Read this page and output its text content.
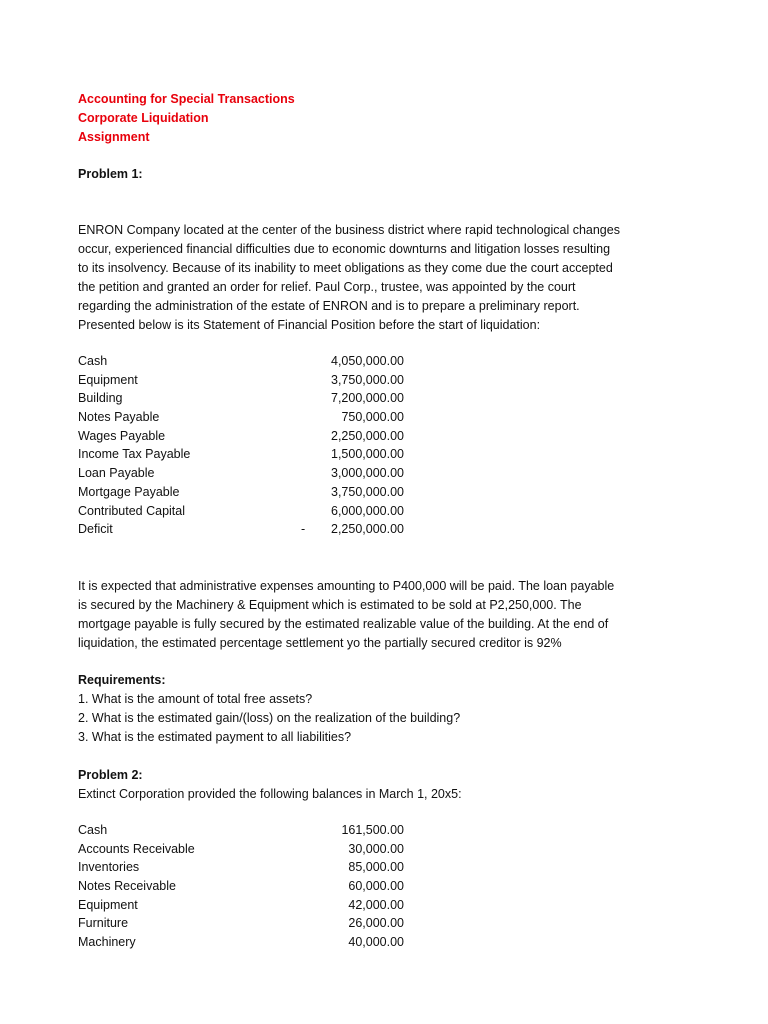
Accounting for Special Transactions
Corporate Liquidation
Assignment
Problem 1:
ENRON Company located at the center of the business district where rapid technological changes
occur, experienced financial difficulties due to economic downturns and litigation losses resulting
to its insolvency. Because of its inability to meet obligations as they come due the court accepted
the petition and granted an order for relief. Paul Corp., trustee, was appointed by the court
regarding the administration of the estate of ENRON and is to prepare a preliminary report.
Presented below is its Statement of Financial Position before the start of liquidation:
Cash	4,050,000.00
Equipment	3,750,000.00
Building	7,200,000.00
Notes Payable	750,000.00
Wages Payable	2,250,000.00
Income Tax Payable	1,500,000.00
Loan Payable	3,000,000.00
Mortgage Payable	3,750,000.00
Contributed Capital	6,000,000.00
Deficit	- 2,250,000.00
It is expected that administrative expenses amounting to P400,000 will be paid. The loan payable
is secured by the Machinery & Equipment which is estimated to be sold at P2,250,000. The
mortgage payable is fully secured by the estimated realizable value of the building. At the end of
liquidation, the estimated percentage settlement yo the partially secured creditor is 92%
Requirements:
1. What is the amount of total free assets?
2. What is the estimated gain/(loss) on the realization of the building?
3. What is the estimated payment to all liabilities?
Problem 2:
Extinct Corporation provided the following balances in March 1, 20x5:
Cash	161,500.00
Accounts Receivable	30,000.00
Inventories	85,000.00
Notes Receivable	60,000.00
Equipment	42,000.00
Furniture	26,000.00
Machinery	40,000.00
